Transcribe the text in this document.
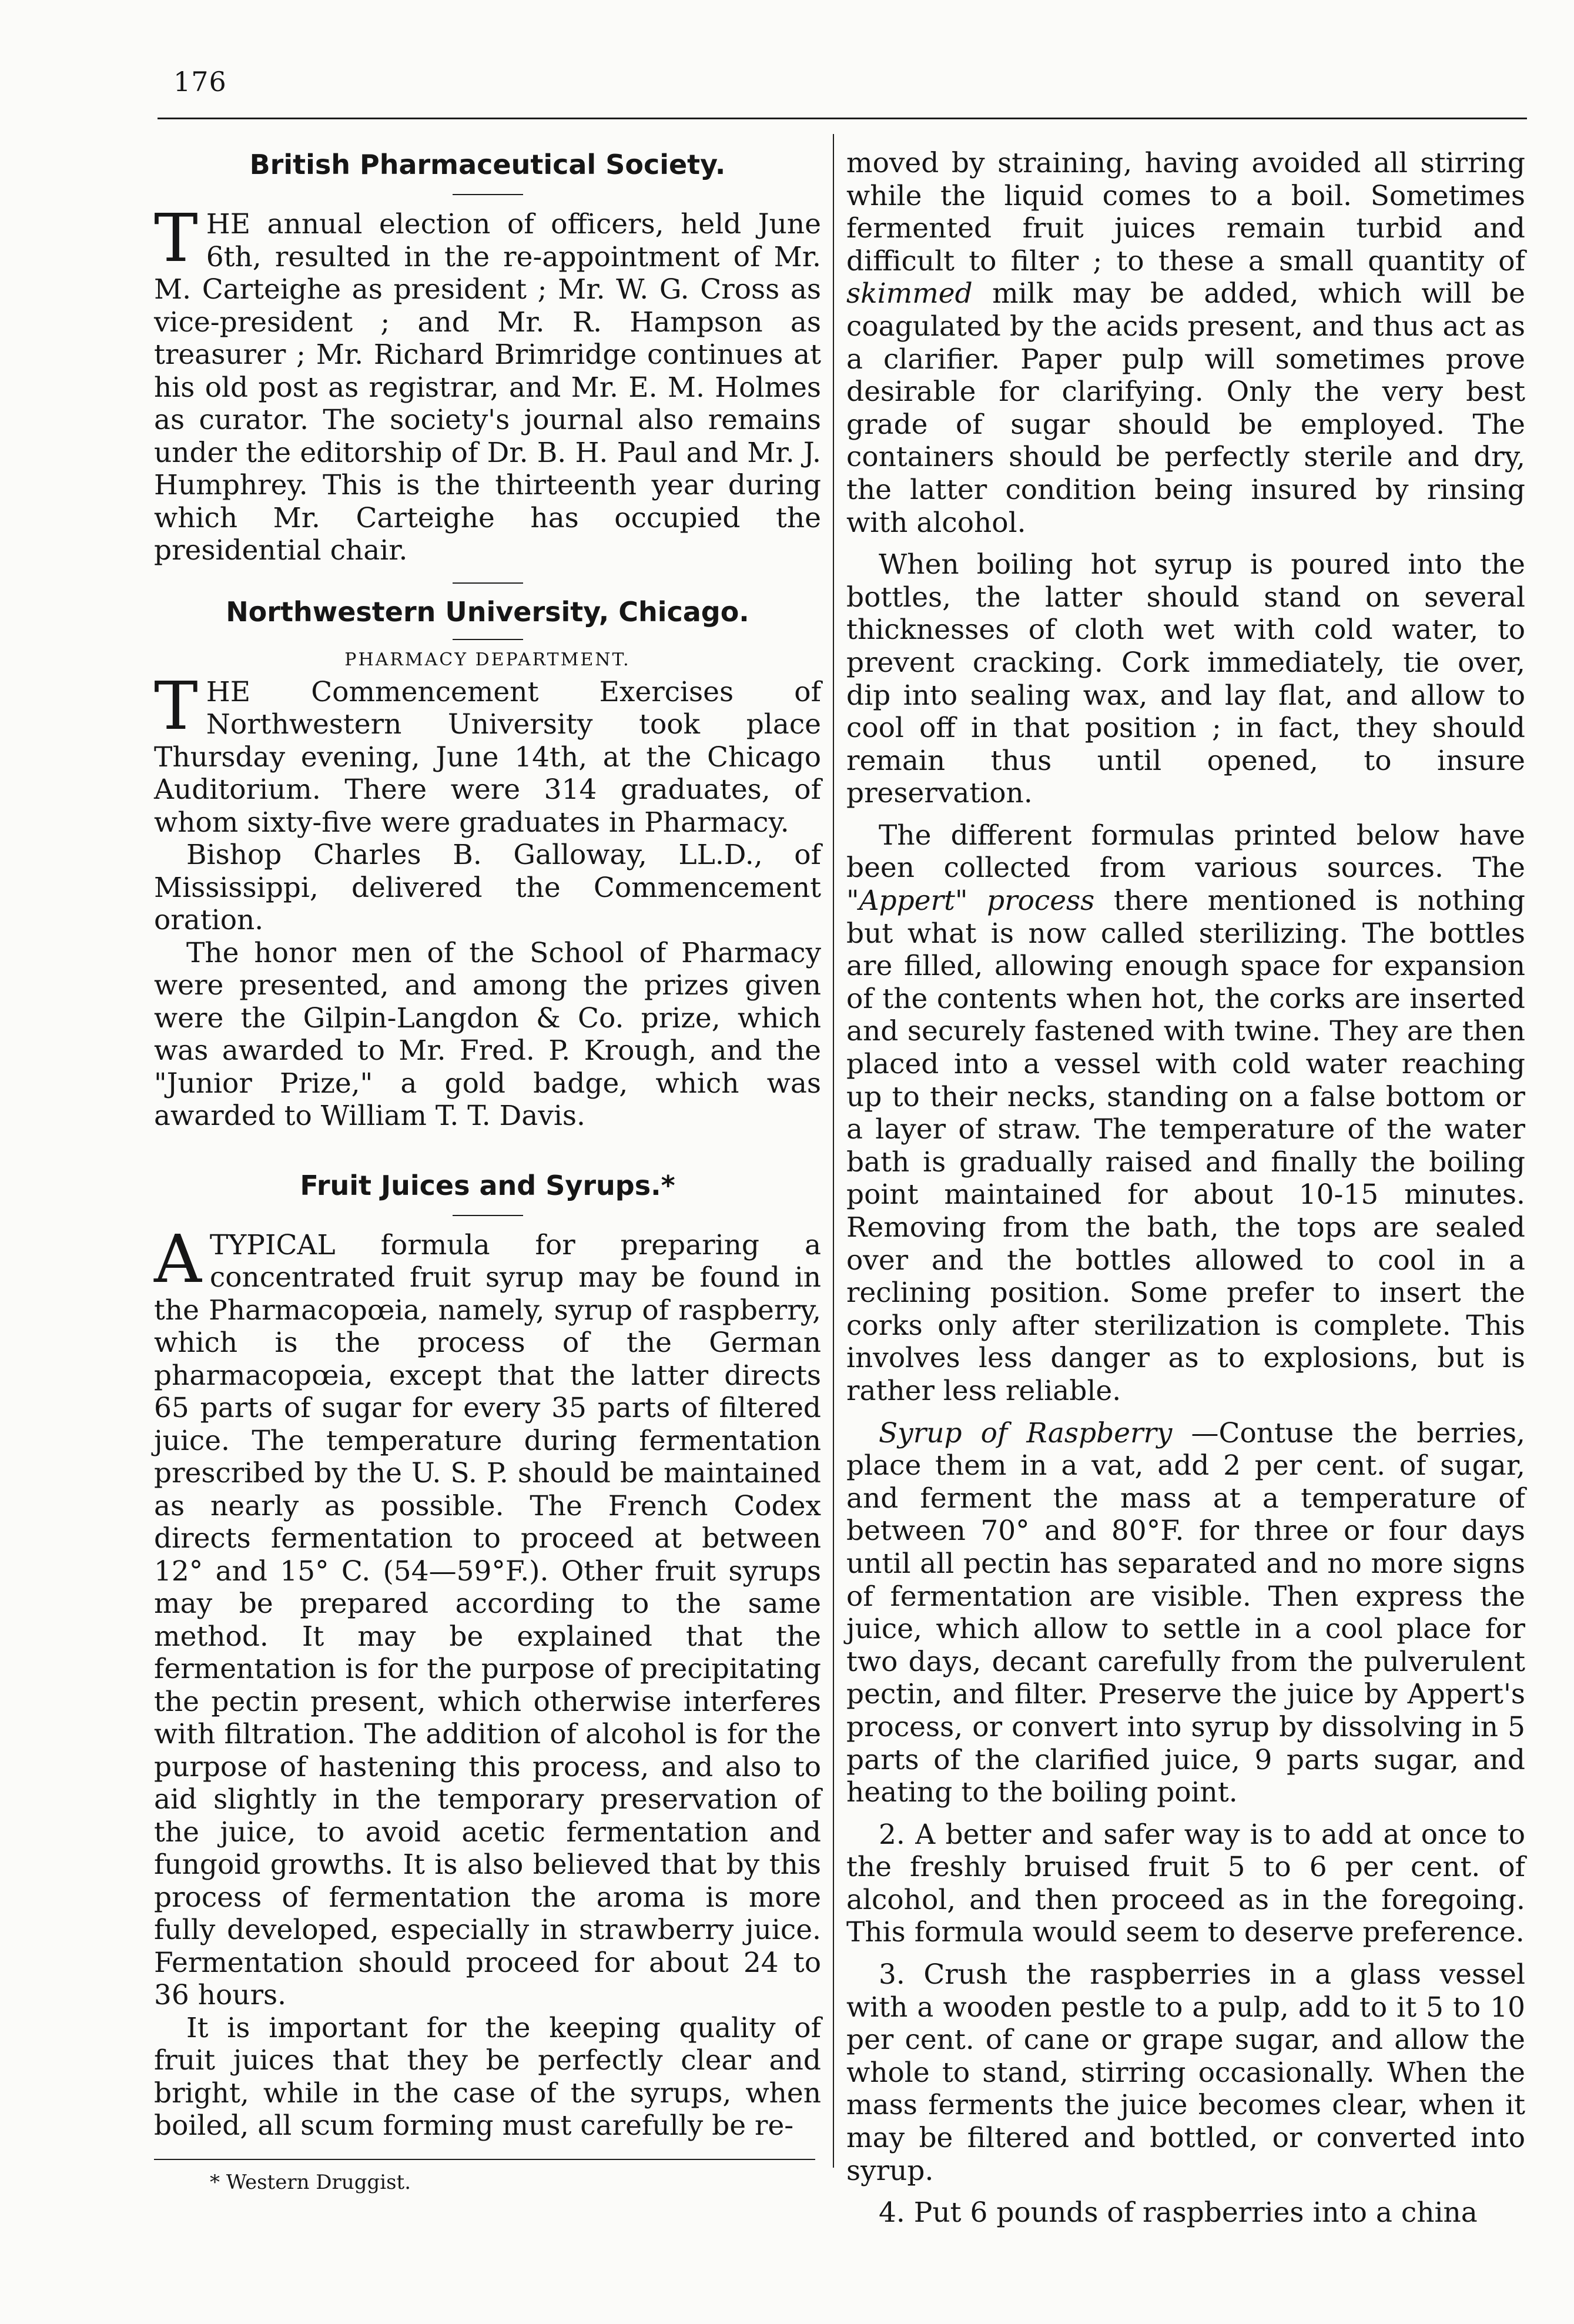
176
British Pharmaceutical Society.

THE annual election of officers, held June 6th, resulted in the re-appointment of Mr. M. Carteighe as president ; Mr. W. G. Cross as vice-president ; and Mr. R. Hampson as treasurer ; Mr. Richard Brimridge continues at his old post as registrar, and Mr. E. M. Holmes as curator. The society's journal also remains under the editorship of Dr. B. H. Paul and Mr. J. Humphrey. This is the thirteenth year during which Mr. Carteighe has occupied the presidential chair.

Northwestern University, Chicago.
PHARMACY DEPARTMENT.

THE Commencement Exercises of Northwestern University took place Thursday evening, June 14th, at the Chicago Auditorium. There were 314 graduates, of whom sixty-five were graduates in Pharmacy.

Bishop Charles B. Galloway, LL.D., of Mississippi, delivered the Commencement oration.

The honor men of the School of Pharmacy were presented, and among the prizes given were the Gilpin-Langdon & Co. prize, which was awarded to Mr. Fred. P. Krough, and the "Junior Prize," a gold badge, which was awarded to William T. T. Davis.

Fruit Juices and Syrups.*

ATYPICAL formula for preparing a concentrated fruit syrup may be found in the Pharmacopœia, namely, syrup of raspberry, which is the process of the German pharmacopœia, except that the latter directs 65 parts of sugar for every 35 parts of filtered juice. The temperature during fermentation prescribed by the U. S. P. should be maintained as nearly as possible. The French Codex directs fermentation to proceed at between 12° and 15° C. (54—59°F.). Other fruit syrups may be prepared according to the same method. It may be explained that the fermentation is for the purpose of precipitating the pectin present, which otherwise interferes with filtration. The addition of alcohol is for the purpose of hastening this process, and also to aid slightly in the temporary preservation of the juice, to avoid acetic fermentation and fungoid growths. It is also believed that by this process of fermentation the aroma is more fully developed, especially in strawberry juice. Fermentation should proceed for about 24 to 36 hours.

It is important for the keeping quality of fruit juices that they be perfectly clear and bright, while in the case of the syrups, when boiled, all scum forming must carefully be re-

* Western Druggist.

moved by straining, having avoided all stirring while the liquid comes to a boil. Sometimes fermented fruit juices remain turbid and difficult to filter ; to these a small quantity of skimmed milk may be added, which will be coagulated by the acids present, and thus act as a clarifier. Paper pulp will sometimes prove desirable for clarifying. Only the very best grade of sugar should be employed. The containers should be perfectly sterile and dry, the latter condition being insured by rinsing with alcohol.

When boiling hot syrup is poured into the bottles, the latter should stand on several thicknesses of cloth wet with cold water, to prevent cracking. Cork immediately, tie over, dip into sealing wax, and lay flat, and allow to cool off in that position ; in fact, they should remain thus until opened, to insure preservation.

The different formulas printed below have been collected from various sources. The "Appert" process there mentioned is nothing but what is now called sterilizing. The bottles are filled, allowing enough space for expansion of the contents when hot, the corks are inserted and securely fastened with twine. They are then placed into a vessel with cold water reaching up to their necks, standing on a false bottom or a layer of straw. The temperature of the water bath is gradually raised and finally the boiling point maintained for about 10-15 minutes. Removing from the bath, the tops are sealed over and the bottles allowed to cool in a reclining position. Some prefer to insert the corks only after sterilization is complete. This involves less danger as to explosions, but is rather less reliable.

Syrup of Raspberry —Contuse the berries, place them in a vat, add 2 per cent. of sugar, and ferment the mass at a temperature of between 70° and 80°F. for three or four days until all pectin has separated and no more signs of fermentation are visible. Then express the juice, which allow to settle in a cool place for two days, decant carefully from the pulverulent pectin, and filter. Preserve the juice by Appert's process, or convert into syrup by dissolving in 5 parts of the clarified juice, 9 parts sugar, and heating to the boiling point.

2. A better and safer way is to add at once to the freshly bruised fruit 5 to 6 per cent. of alcohol, and then proceed as in the foregoing. This formula would seem to deserve preference.

3. Crush the raspberries in a glass vessel with a wooden pestle to a pulp, add to it 5 to 10 per cent. of cane or grape sugar, and allow the whole to stand, stirring occasionally. When the mass ferments the juice becomes clear, when it may be filtered and bottled, or converted into syrup.

4. Put 6 pounds of raspberries into a china
